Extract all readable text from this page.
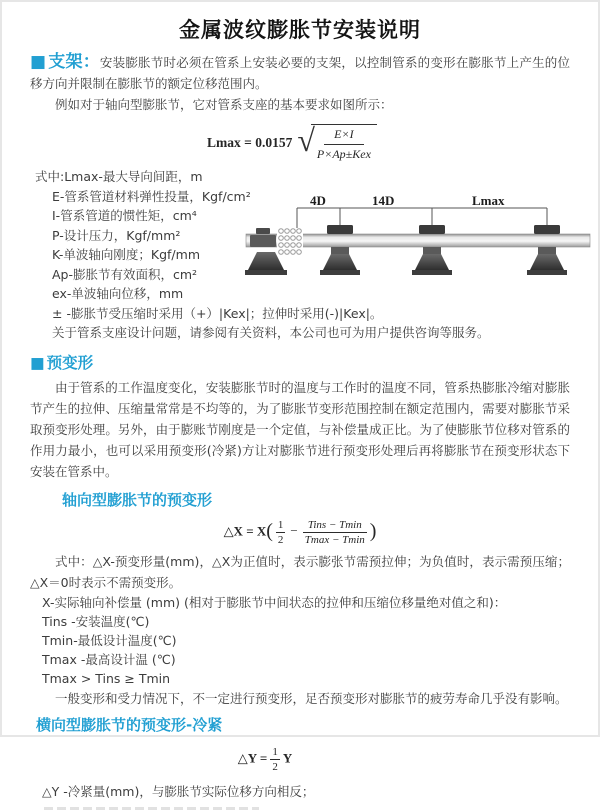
金属波纹膨胀节安装说明

■ 支架：安装膨胀节时必须在管系上安装必要的支架，以控制管系的变形在膨胀节上产生的位移方向并限制在膨胀节的额定位移范围内。

例如对于轴向型膨胀节，它对管系支座的基本要求如图所示：

Lmax = 0.0157 √	E×I
P×Ap±Kex
式中:Lmax-最大导向间距，m
E-管系管道材料弹性投量，Kgf/cm²
I-管系管道的惯性矩，cm⁴
P-设计压力，Kgf/mm²
K-单波轴向刚度；Kgf/mm
Ap-膨胀节有效面积，cm²
ex-单波轴向位移，mm
± -膨胀节受压缩时采用（+）|Kex|；拉伸时采用(-)|Kex|。
关于管系支座设计问题，请参阅有关资料，本公司也可为用户提供咨询等服务。
4D	14D	Lmax
■ 预变形

由于管系的工作温度变化，安装膨胀节时的温度与工作时的温度不同，管系热膨胀冷缩对膨胀节产生的拉伸、压缩量常常是不均等的，为了膨胀节变形范围控制在额定范围内，需要对膨胀节采取预变形处理。另外，由于膨账节刚度是一个定值，与补偿量成正比。为了使膨胀节位移对管系的作用力最小，也可以采用预变形(冷紧)方让对膨胀节进行预变形处理后再将膨胀节在预变形状态下安装在管系中。

轴向型膨胀节的预变形
△X = $X( \frac{1}{2} - \frac{\text{Tins − Tmin}}{Tmax - Tmin}$ )

式中：△X-预变形量(mm)，△X为正值时，表示膨张节需预拉伸；为负值时，表示需预压缩；△X＝0时表示不需预变形。

X-实际轴向补偿量 (mm) (相对于膨胀节中间状态的拉伸和压缩位移量绝对值之和)：
Tins -安装温度(℃)
Tmin-最低设计温度(℃)
Tmax -最高设计温 (℃)
Tmax > Tins ≥ Tmin

一般变形和受力情况下，不一定进行预变形，足否预变形对膨胀节的疲劳寿命几乎没有影响。

横向型膨胀节的预变形-冷紧
△Y = $\frac{1}{2}$ Y

△Y -冷紧量(mm)，与膨胀节实际位移方向相反；
